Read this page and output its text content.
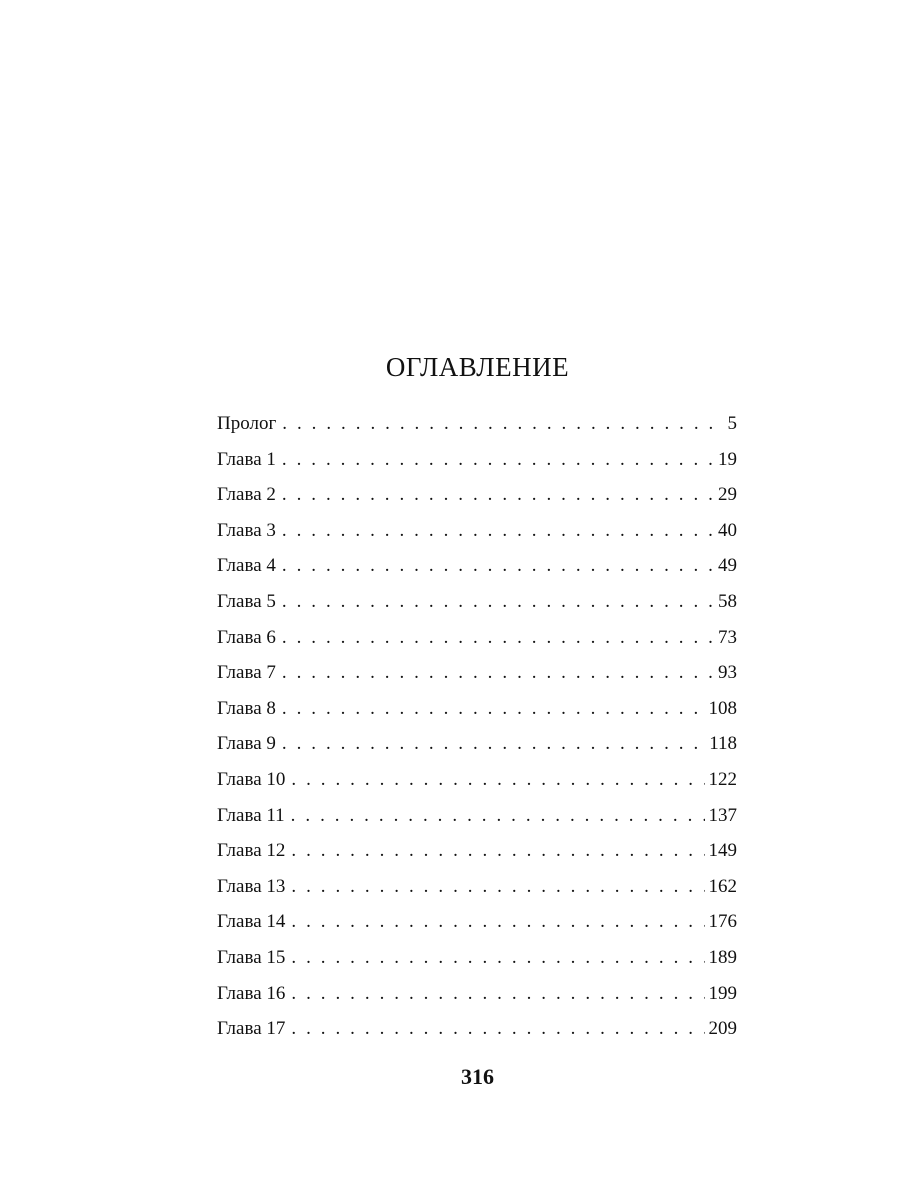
ОГЛАВЛЕНИЕ
Пролог . . .	5
Глава 1 . . .	19
Глава 2 . . .	29
Глава 3 . . .	40
Глава 4 . . .	49
Глава 5 . . .	58
Глава 6 . . .	73
Глава 7 . . .	93
Глава 8 . . .	108
Глава 9 . . .	118
Глава 10 . . .	122
Глава 11 . . .	137
Глава 12 . . .	149
Глава 13 . . .	162
Глава 14 . . .	176
Глава 15 . . .	189
Глава 16 . . .	199
Глава 17 . . .	209
316
